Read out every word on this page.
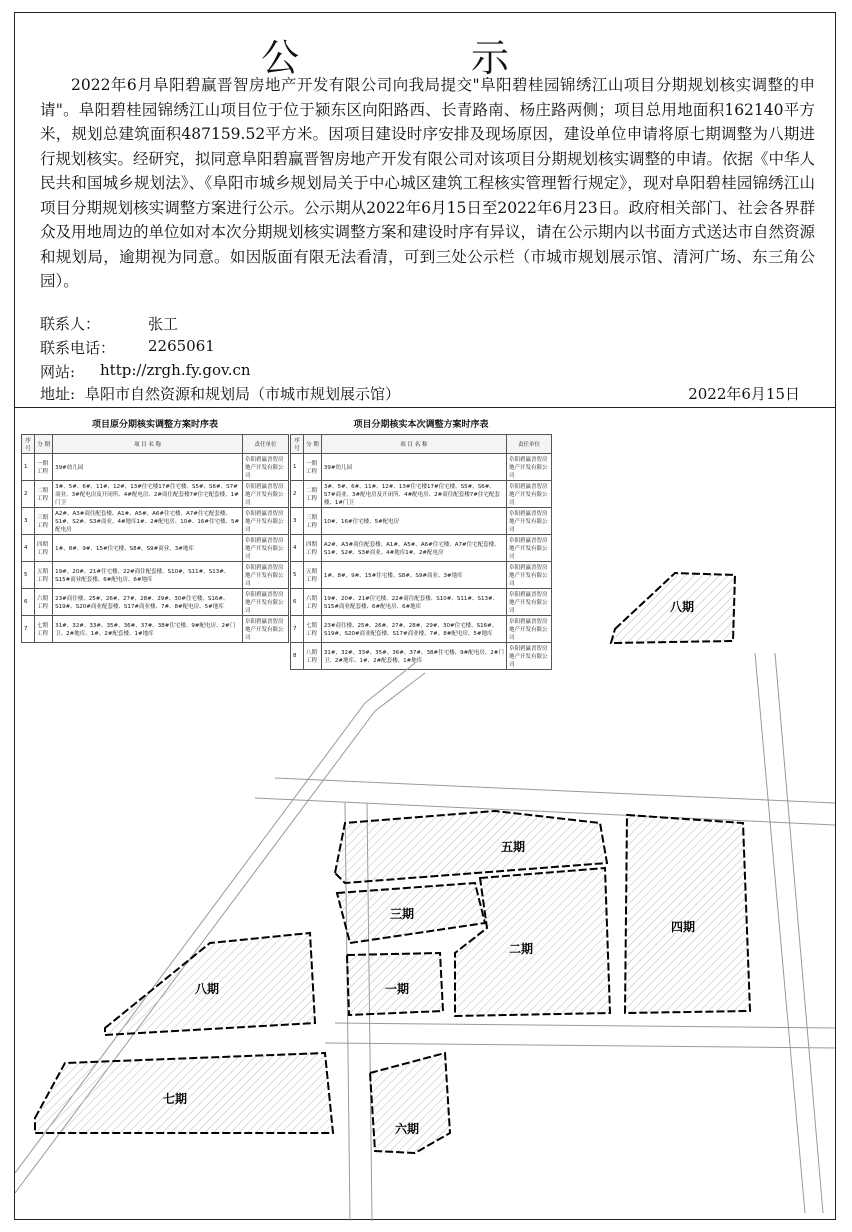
公 示

2022年6月阜阳碧赢晋智房地产开发有限公司向我局提交"阜阳碧桂园锦绣江山项目分期规划核实调整的申请"。阜阳碧桂园锦绣江山项目位于位于颍东区向阳路西、长青路南、杨庄路两侧；项目总用地面积162140平方米，规划总建筑面积487159.52平方米。因项目建设时序安排及现场原因，建设单位申请将原七期调整为八期进行规划核实。经研究，拟同意阜阳碧赢晋智房地产开发有限公司对该项目分期规划核实调整的申请。依据《中华人民共和国城乡规划法》、《阜阳市城乡规划局关于中心城区建筑工程核实管理暂行规定》，现对阜阳碧桂园锦绣江山项目分期规划核实调整方案进行公示。公示期从2022年6月15日至2022年6月23日。政府相关部门、社会各界群众及用地周边的单位如对本次分期规划核实调整方案和建设时序有异议，请在公示期内以书面方式送达市自然资源和规划局，逾期视为同意。如因版面有限无法看清，可到三处公示栏（市城市规划展示馆、清河广场、东三角公园）。

联系人：	张工
联系电话： 2265061
网站: http://zrgh.fy.gov.cn
地址: 阜阳市自然资源和规划局（市城市规划展示馆）	2022年6月15日
项目原分期核实调整方案时序表
序号	分 期	项 目 名 称	责任单位
1	一期工程	39#幼儿园	阜阳碧赢晋智房地产开发有限公司
2	二期工程	3#、5#、6#、11#、12#、13#住宅楼17#住宅楼、S5#、S6#、S7#商业、3#配电房及开闭所、4#配电房、2#商住配套楼7#住宅配套楼、1#门卫	阜阳碧赢晋智房地产开发有限公司
3	三期工程	A2#、A3#商住配套楼、A1#、A5#、A6#住宅楼、A7#住宅配套楼、S1#、S2#、S3#商业、4#地库1#、2#配电房、10#、16#住宅楼、5#配电房	阜阳碧赢晋智房地产开发有限公司
4	四期工程	1#、8#、9#、15#住宅楼、S8#、S9#商业、3#地库	阜阳碧赢晋智房地产开发有限公司
5	五期工程	19#、20#、21#住宅楼、22#商住配套楼、S10#、S11#、S13#、S15#商业配套楼、6#配电房、6#地库	阜阳碧赢晋智房地产开发有限公司
6	六期工程	23#商住楼、25#、26#、27#、28#、29#、30#住宅楼、S16#、S19#、S20#商业配套楼、S17#商业楼、7#、8#配电房、5#地库	阜阳碧赢晋智房地产开发有限公司
7	七期工程	31#、32#、33#、35#、36#、37#、38#住宅楼、9#配电房、2#门卫、2#地库、1#、2#配套楼、1#地库	阜阳碧赢晋智房地产开发有限公司
项目分期核实本次调整方案时序表
序号	分 期	项 目 名 称	责任单位
1	一期工程	39#幼儿园	阜阳碧赢晋智房地产开发有限公司
2	二期工程	3#、5#、6#、11#、12#、13#住宅楼17#住宅楼、S5#、S6#、S7#商业、3#配电房及开闭所、4#配电房、2#商住配套楼7#住宅配套楼、1#门卫	阜阳碧赢晋智房地产开发有限公司
3	三期工程	10#、16#住宅楼、5#配电房	阜阳碧赢晋智房地产开发有限公司
4	四期工程	A2#、A3#商住配套楼、A1#、A5#、A6#住宅楼、A7#住宅配套楼、S1#、S2#、S3#商业、4#地库1#、2#配电房	阜阳碧赢晋智房地产开发有限公司
5	五期工程	1#、8#、9#、15#住宅楼、S8#、S9#商业、3#地库	阜阳碧赢晋智房地产开发有限公司
6	六期工程	19#、20#、21#住宅楼、22#商住配套楼、S10#、S11#、S13#、S15#商业配套楼、6#配电房、6#地库	阜阳碧赢晋智房地产开发有限公司
7	七期工程	23#商住楼、25#、26#、27#、28#、29#、30#住宅楼、S16#、S19#、S20#商业配套楼、S17#商业楼、7#、8#配电房、5#地库	阜阳碧赢晋智房地产开发有限公司
8	八期工程	31#、32#、33#、35#、36#、37#、38#住宅楼、9#配电房、2#门卫、2#地库、1#、2#配套楼、1#地库	阜阳碧赢晋智房地产开发有限公司
八期
五期
三期
二期
一期
四期
八期
七期
六期
